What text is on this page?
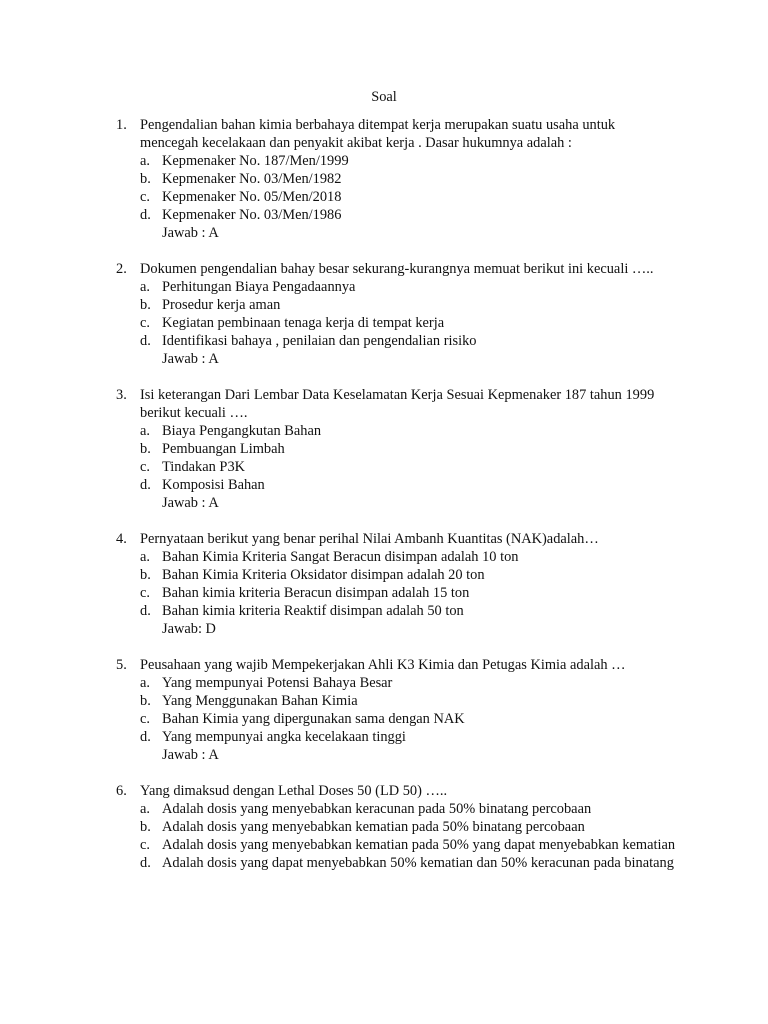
Soal
1. Pengendalian bahan kimia berbahaya ditempat kerja merupakan suatu usaha untuk mencegah kecelakaan dan penyakit akibat kerja . Dasar hukumnya adalah :
a. Kepmenaker No. 187/Men/1999
b. Kepmenaker No. 03/Men/1982
c. Kepmenaker No. 05/Men/2018
d. Kepmenaker No. 03/Men/1986
Jawab : A
2. Dokumen pengendalian bahay besar sekurang-kurangnya memuat berikut ini kecuali …..
a. Perhitungan Biaya Pengadaannya
b. Prosedur kerja aman
c. Kegiatan pembinaan tenaga kerja di tempat kerja
d. Identifikasi bahaya , penilaian dan pengendalian risiko
Jawab : A
3. Isi keterangan Dari Lembar Data Keselamatan Kerja Sesuai Kepmenaker 187 tahun 1999 berikut kecuali ….
a. Biaya Pengangkutan Bahan
b. Pembuangan Limbah
c. Tindakan P3K
d. Komposisi Bahan
Jawab : A
4. Pernyataan berikut yang benar perihal Nilai Ambanh Kuantitas (NAK)adalah…
a. Bahan Kimia Kriteria Sangat Beracun disimpan adalah 10 ton
b. Bahan Kimia Kriteria Oksidator disimpan adalah 20 ton
c. Bahan kimia kriteria Beracun disimpan adalah 15 ton
d. Bahan kimia kriteria Reaktif disimpan adalah 50 ton
Jawab: D
5. Peusahaan yang wajib Mempekerjakan Ahli K3 Kimia dan Petugas Kimia adalah …
a. Yang mempunyai Potensi Bahaya Besar
b. Yang Menggunakan Bahan Kimia
c. Bahan Kimia yang dipergunakan sama dengan NAK
d. Yang mempunyai angka kecelakaan tinggi
Jawab : A
6. Yang dimaksud dengan Lethal Doses 50 (LD 50) …..
a. Adalah dosis yang menyebabkan keracunan pada 50% binatang percobaan
b. Adalah dosis yang menyebabkan kematian pada 50% binatang percobaan
c. Adalah dosis yang menyebabkan kematian pada 50% yang dapat menyebabkan kematian
d. Adalah dosis yang dapat menyebabkan 50% kematian dan 50% keracunan pada binatang
